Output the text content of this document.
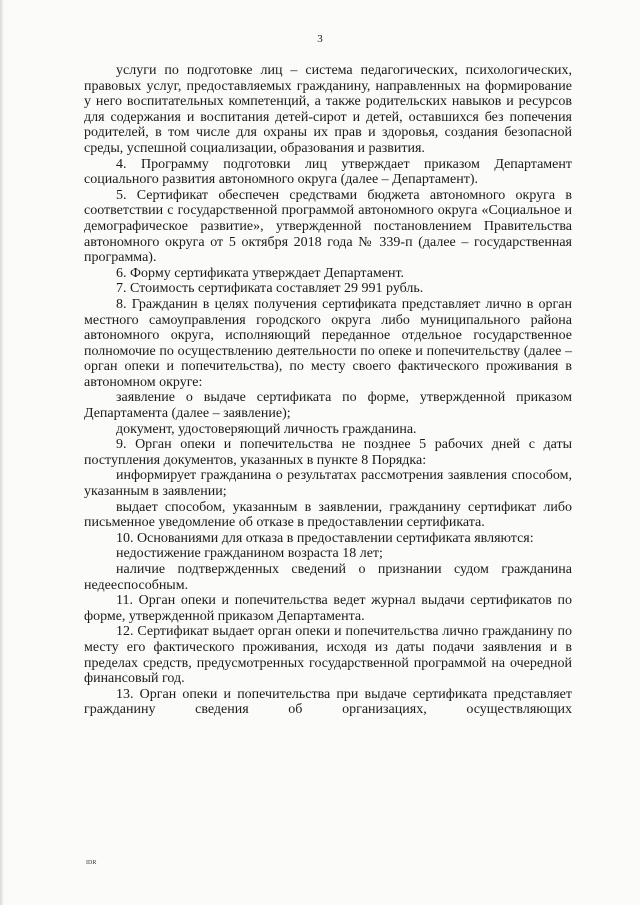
3

услуги по подготовке лиц – система педагогических, психологических, правовых услуг, предоставляемых гражданину, направленных на формирование у него воспитательных компетенций, а также родительских навыков и ресурсов для содержания и воспитания детей-сирот и детей, оставшихся без попечения родителей, в том числе для охраны их прав и здоровья, создания безопасной среды, успешной социализации, образования и развития.

4. Программу подготовки лиц утверждает приказом Департамент социального развития автономного округа (далее – Департамент).

5. Сертификат обеспечен средствами бюджета автономного округа в соответствии с государственной программой автономного округа «Социальное и демографическое развитие», утвержденной постановлением Правительства автономного округа от 5 октября 2018 года № 339-п (далее – государственная программа).

6. Форму сертификата утверждает Департамент.

7. Стоимость сертификата составляет 29 991 рубль.

8. Гражданин в целях получения сертификата представляет лично в орган местного самоуправления городского округа либо муниципального района автономного округа, исполняющий переданное отдельное государственное полномочие по осуществлению деятельности по опеке и попечительству (далее – орган опеки и попечительства), по месту своего фактического проживания в автономном округе:

заявление о выдаче сертификата по форме, утвержденной приказом Департамента (далее – заявление);

документ, удостоверяющий личность гражданина.

9. Орган опеки и попечительства не позднее 5 рабочих дней с даты поступления документов, указанных в пункте 8 Порядка:

информирует гражданина о результатах рассмотрения заявления способом, указанным в заявлении;

выдает способом, указанным в заявлении, гражданину сертификат либо письменное уведомление об отказе в предоставлении сертификата.

10. Основаниями для отказа в предоставлении сертификата являются:

недостижение гражданином возраста 18 лет;

наличие подтвержденных сведений о признании судом гражданина недееспособным.

11. Орган опеки и попечительства ведет журнал выдачи сертификатов по форме, утвержденной приказом Департамента.

12. Сертификат выдает орган опеки и попечительства лично гражданину по месту его фактического проживания, исходя из даты подачи заявления и в пределах средств, предусмотренных государственной программой на очередной финансовый год.

13. Орган опеки и попечительства при выдаче сертификата представляет гражданину сведения об организациях, осуществляющих

IDR
